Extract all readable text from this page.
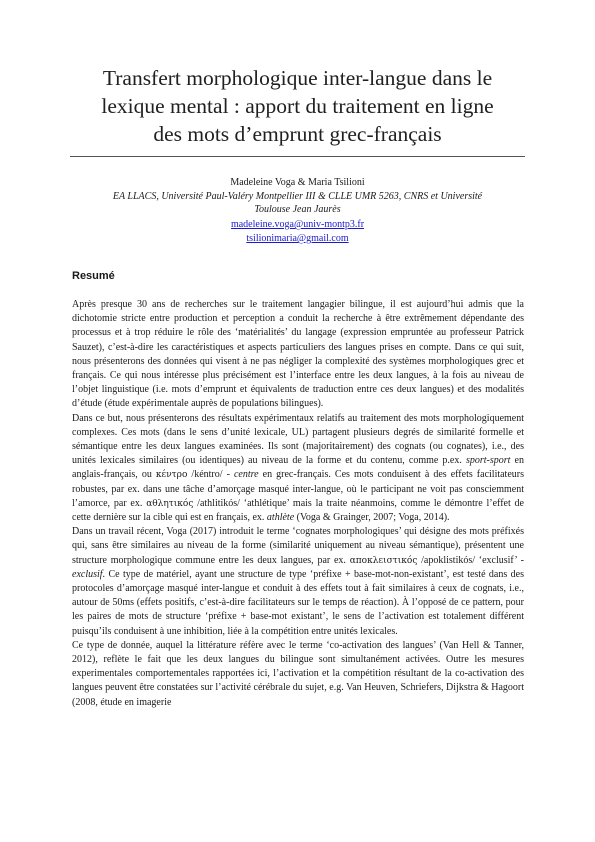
Transfert morphologique inter-langue dans le
lexique mental : apport du traitement en ligne
des mots d’emprunt grec-français
Madeleine Voga & Maria Tsilioni
EA LLACS, Université Paul-Valéry Montpellier III & CLLE UMR 5263, CNRS et Université
Toulouse Jean Jaurès
madeleine.voga@univ-montp3.fr
tsilionimaria@gmail.com
Resumé

Après presque 30 ans de recherches sur le traitement langagier bilingue, il est aujourd’hui admis que la dichotomie stricte entre production et perception a conduit la recherche à être extrêmement dépendante des processus et à trop réduire le rôle des ‘matérialités’ du langage (expression empruntée au professeur Patrick Sauzet), c’est-à-dire les caractéristiques et aspects particuliers des langues prises en compte. Dans ce qui suit, nous présenterons des données qui visent à ne pas négliger la complexité des systèmes morphologiques grec et français. Ce qui nous intéresse plus précisément est l’interface entre les deux langues, à la fois au niveau de l’objet linguistique (i.e. mots d’emprunt et équivalents de traduction entre ces deux langues) et des modalités d’étude (étude expérimentale auprès de populations bilingues).

Dans ce but, nous présenterons des résultats expérimentaux relatifs au traitement des mots morphologiquement complexes. Ces mots (dans le sens d’unité lexicale, UL) partagent plusieurs degrés de similarité formelle et sémantique entre les deux langues examinées. Ils sont (majoritairement) des cognats (ou cognates), i.e., des unités lexicales similaires (ou identiques) au niveau de la forme et du contenu, comme p.ex. sport-sport en anglais-français, ou κέντρο /kéntro/ - centre en grec-français. Ces mots conduisent à des effets facilitateurs robustes, par ex. dans une tâche d’amorçage masqué inter-langue, où le participant ne voit pas consciemment l’amorce, par ex. αθλητικός /athlitikós/ ‘athlétique’ mais la traite néanmoins, comme le démontre l’effet de cette dernière sur la cible qui est en français, ex. athlète (Voga & Grainger, 2007; Voga, 2014).

Dans un travail récent, Voga (2017) introduit le terme ‘cognates morphologiques’ qui désigne des mots préfixés qui, sans être similaires au niveau de la forme (similarité uniquement au niveau sémantique), présentent une structure morphologique commune entre les deux langues, par ex. αποκλειστικός /apoklistikós/ ‘exclusif’ - exclusif. Ce type de matériel, ayant une structure de type ‘préfixe + base-mot-non-existant’, est testé dans des protocoles d’amorçage masqué inter-langue et conduit à des effets tout à fait similaires à ceux de cognats, i.e., autour de 50ms (effets positifs, c’est-à-dire facilitateurs sur le temps de réaction). À l’opposé de ce pattern, pour les paires de mots de structure ‘préfixe + base-mot existant’, le sens de l’activation est totalement différent puisqu’ils conduisent à une inhibition, liée à la compétition entre unités lexicales.

Ce type de donnée, auquel la littérature réfère avec le terme ‘co-activation des langues’ (Van Hell & Tanner, 2012), reflète le fait que les deux langues du bilingue sont simultanément activées. Outre les mesures experimentales comportementales rapportées ici, l’activation et la compétition résultant de la co-activation des langues peuvent être constatées sur l’activité cérébrale du sujet, e.g. Van Heuven, Schriefers, Dijkstra & Hagoort (2008, étude en imagerie
